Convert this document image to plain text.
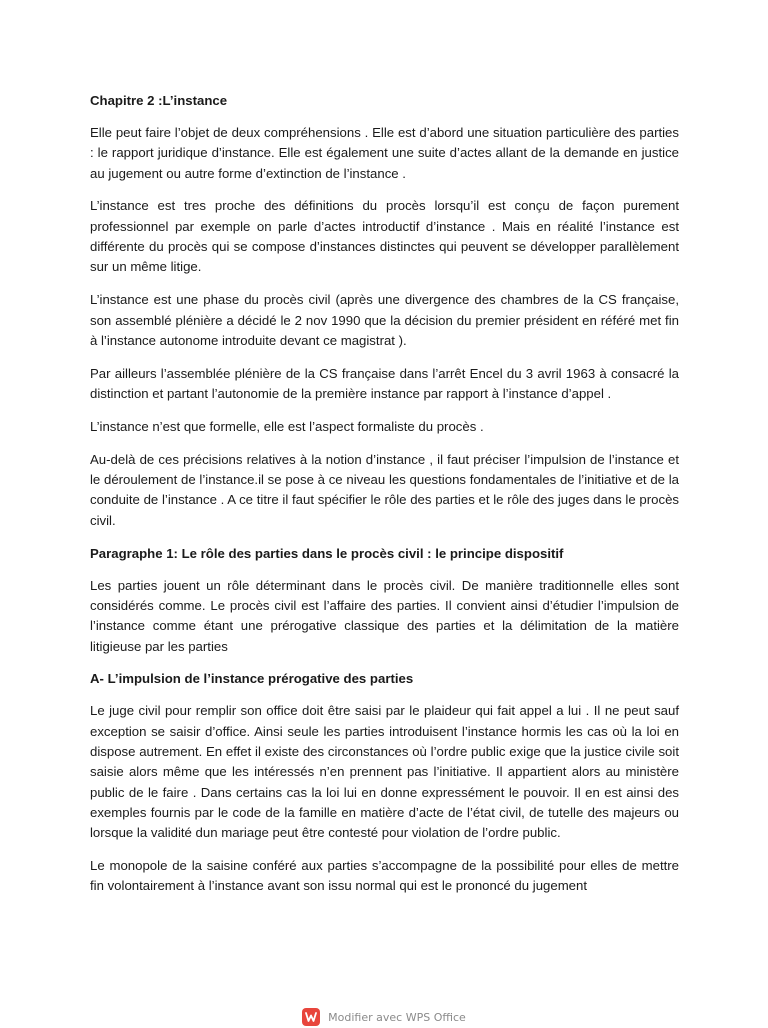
Chapitre 2 :L’instance

Elle peut faire l’objet de deux compréhensions . Elle est d’abord une situation particulière des parties : le rapport juridique d’instance. Elle est également une suite d’actes allant de la demande en justice au jugement ou autre forme d’extinction de l’instance .

L’instance est tres proche des définitions du procès lorsqu’il est conçu de façon purement professionnel par exemple on parle d’actes introductif d’instance . Mais en réalité l’instance est différente du procès qui se compose d’instances distinctes qui peuvent se développer parallèlement sur un même litige.

L’instance est une phase du procès civil (après une divergence des chambres de la CS française, son assemblé plénière a décidé le 2 nov 1990 que la décision du premier président en référé met fin à l’instance autonome introduite devant ce magistrat ).

Par ailleurs l’assemblée plénière de la CS française dans l’arrêt Encel du 3 avril 1963 à consacré la distinction et partant l’autonomie de la première instance par rapport à l’instance d’appel .

L’instance n’est que formelle, elle est l’aspect formaliste du procès .

Au-delà de ces précisions relatives à la notion d’instance , il faut préciser l’impulsion de l’instance et le déroulement de l’instance.il se pose à ce niveau les questions fondamentales de l’initiative et de la conduite de l’instance . A ce titre il faut spécifier le rôle des parties et le rôle des juges dans le procès civil.

Paragraphe 1: Le rôle des parties dans le procès civil : le principe dispositif

Les parties jouent un rôle déterminant dans le procès civil. De manière traditionnelle elles sont considérés comme. Le procès civil est l’affaire des parties. Il convient ainsi d’étudier l’impulsion de l’instance comme étant une prérogative classique des parties et la délimitation de la matière litigieuse par les parties

A- L’impulsion de l’instance prérogative des parties

Le juge civil pour remplir son office doit être saisi par le plaideur qui fait appel a lui . Il ne peut sauf exception se saisir d’office. Ainsi seule les parties introduisent l’instance hormis les cas où la loi en dispose autrement. En effet il existe des circonstances où l’ordre public exige que la justice civile soit saisie alors même que les intéressés n’en prennent pas l’initiative. Il appartient alors au ministère public de le faire . Dans certains cas la loi lui en donne expressément le pouvoir. Il en est ainsi des exemples fournis par le code de la famille en matière d’acte de l’état civil, de tutelle des majeurs ou lorsque la validité dun mariage peut être contesté pour violation de l’ordre public.

Le monopole de la saisine conféré aux parties s’accompagne de la possibilité pour elles de mettre fin volontairement à l’instance avant son issu normal qui est le prononcé du jugement

Modifier avec WPS Office
